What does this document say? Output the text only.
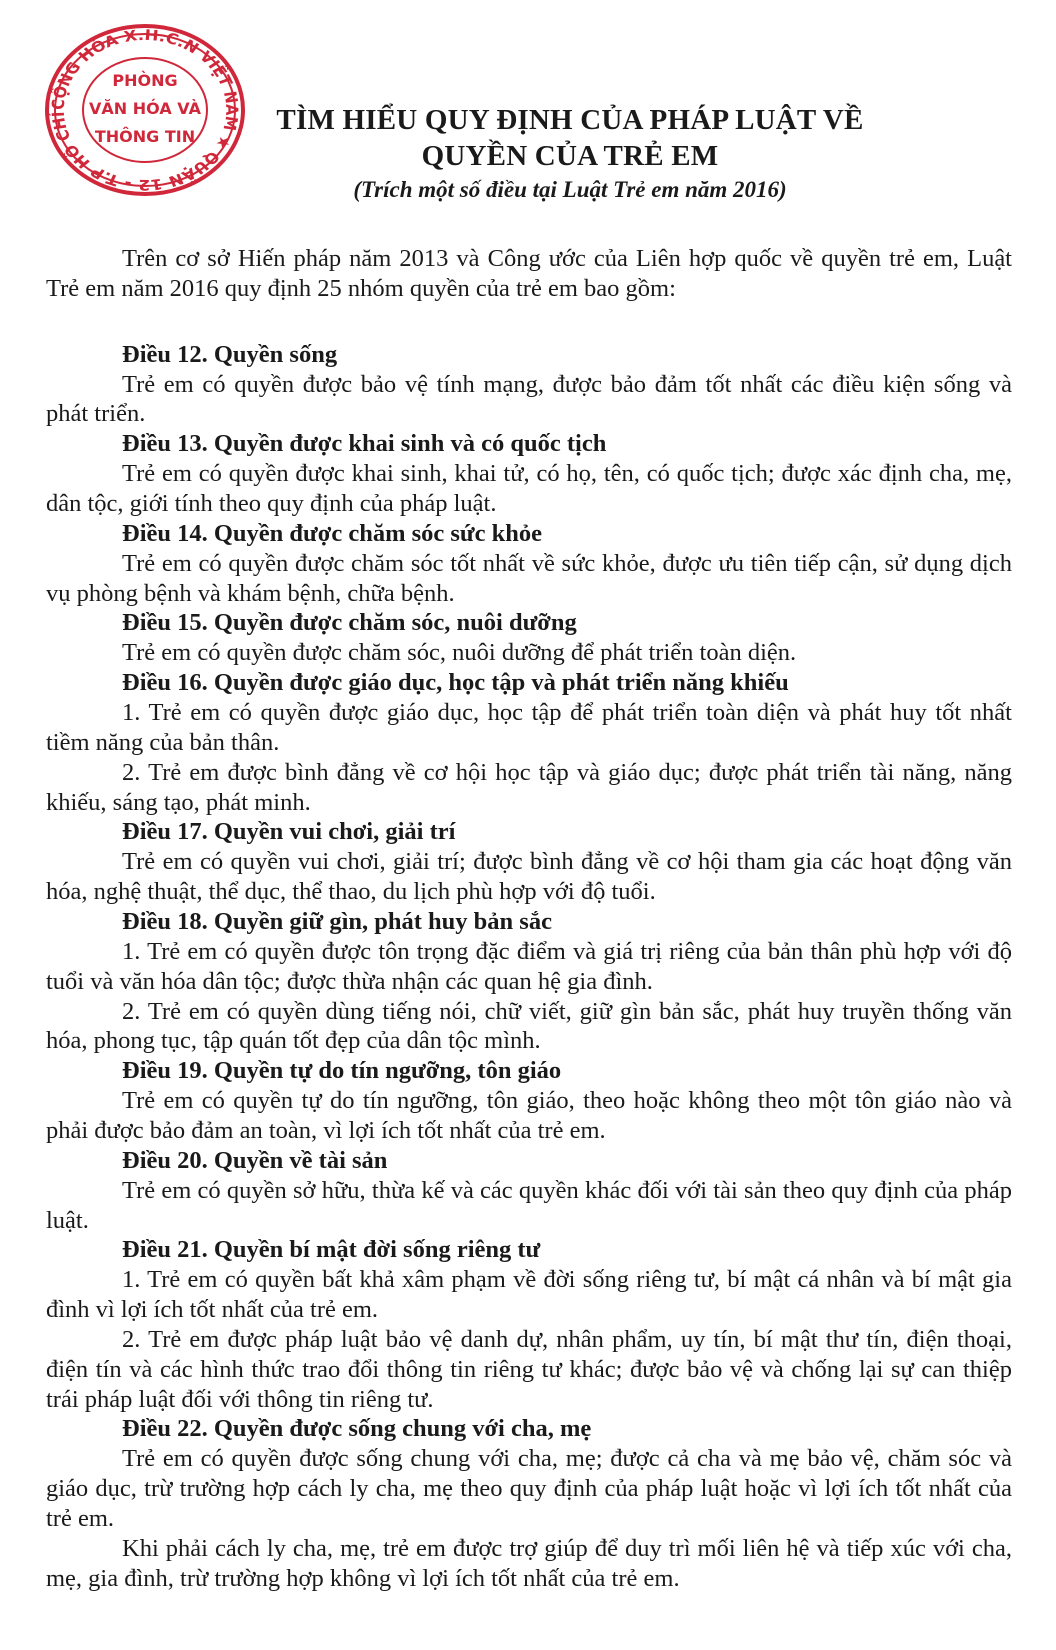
CỘNG HÒA X.H.C.N VIỆT NAM ★ QUẬN 12 - T.P HỒ CHÍ
PHÒNG
VĂN HÓA VÀ
THÔNG TIN
TÌM HIỂU QUY ĐỊNH CỦA PHÁP LUẬT VỀ
QUYỀN CỦA TRẺ EM
(Trích một số điều tại Luật Trẻ em năm 2016)

Trên cơ sở Hiến pháp năm 2013 và Công ước của Liên hợp quốc về quyền trẻ em, Luật Trẻ em năm 2016 quy định 25 nhóm quyền của trẻ em bao gồm:

Điều 12. Quyền sống

Trẻ em có quyền được bảo vệ tính mạng, được bảo đảm tốt nhất các điều kiện sống và phát triển.

Điều 13. Quyền được khai sinh và có quốc tịch

Trẻ em có quyền được khai sinh, khai tử, có họ, tên, có quốc tịch; được xác định cha, mẹ, dân tộc, giới tính theo quy định của pháp luật.

Điều 14. Quyền được chăm sóc sức khỏe

Trẻ em có quyền được chăm sóc tốt nhất về sức khỏe, được ưu tiên tiếp cận, sử dụng dịch vụ phòng bệnh và khám bệnh, chữa bệnh.

Điều 15. Quyền được chăm sóc, nuôi dưỡng

Trẻ em có quyền được chăm sóc, nuôi dưỡng để phát triển toàn diện.

Điều 16. Quyền được giáo dục, học tập và phát triển năng khiếu

1. Trẻ em có quyền được giáo dục, học tập để phát triển toàn diện và phát huy tốt nhất tiềm năng của bản thân.

2. Trẻ em được bình đẳng về cơ hội học tập và giáo dục; được phát triển tài năng, năng khiếu, sáng tạo, phát minh.

Điều 17. Quyền vui chơi, giải trí

Trẻ em có quyền vui chơi, giải trí; được bình đẳng về cơ hội tham gia các hoạt động văn hóa, nghệ thuật, thể dục, thể thao, du lịch phù hợp với độ tuổi.

Điều 18. Quyền giữ gìn, phát huy bản sắc

1. Trẻ em có quyền được tôn trọng đặc điểm và giá trị riêng của bản thân phù hợp với độ tuổi và văn hóa dân tộc; được thừa nhận các quan hệ gia đình.

2. Trẻ em có quyền dùng tiếng nói, chữ viết, giữ gìn bản sắc, phát huy truyền thống văn hóa, phong tục, tập quán tốt đẹp của dân tộc mình.

Điều 19. Quyền tự do tín ngưỡng, tôn giáo

Trẻ em có quyền tự do tín ngưỡng, tôn giáo, theo hoặc không theo một tôn giáo nào và phải được bảo đảm an toàn, vì lợi ích tốt nhất của trẻ em.

Điều 20. Quyền về tài sản

Trẻ em có quyền sở hữu, thừa kế và các quyền khác đối với tài sản theo quy định của pháp luật.

Điều 21. Quyền bí mật đời sống riêng tư

1. Trẻ em có quyền bất khả xâm phạm về đời sống riêng tư, bí mật cá nhân và bí mật gia đình vì lợi ích tốt nhất của trẻ em.

2. Trẻ em được pháp luật bảo vệ danh dự, nhân phẩm, uy tín, bí mật thư tín, điện thoại, điện tín và các hình thức trao đổi thông tin riêng tư khác; được bảo vệ và chống lại sự can thiệp trái pháp luật đối với thông tin riêng tư.

Điều 22. Quyền được sống chung với cha, mẹ

Trẻ em có quyền được sống chung với cha, mẹ; được cả cha và mẹ bảo vệ, chăm sóc và giáo dục, trừ trường hợp cách ly cha, mẹ theo quy định của pháp luật hoặc vì lợi ích tốt nhất của trẻ em.

Khi phải cách ly cha, mẹ, trẻ em được trợ giúp để duy trì mối liên hệ và tiếp xúc với cha, mẹ, gia đình, trừ trường hợp không vì lợi ích tốt nhất của trẻ em.
